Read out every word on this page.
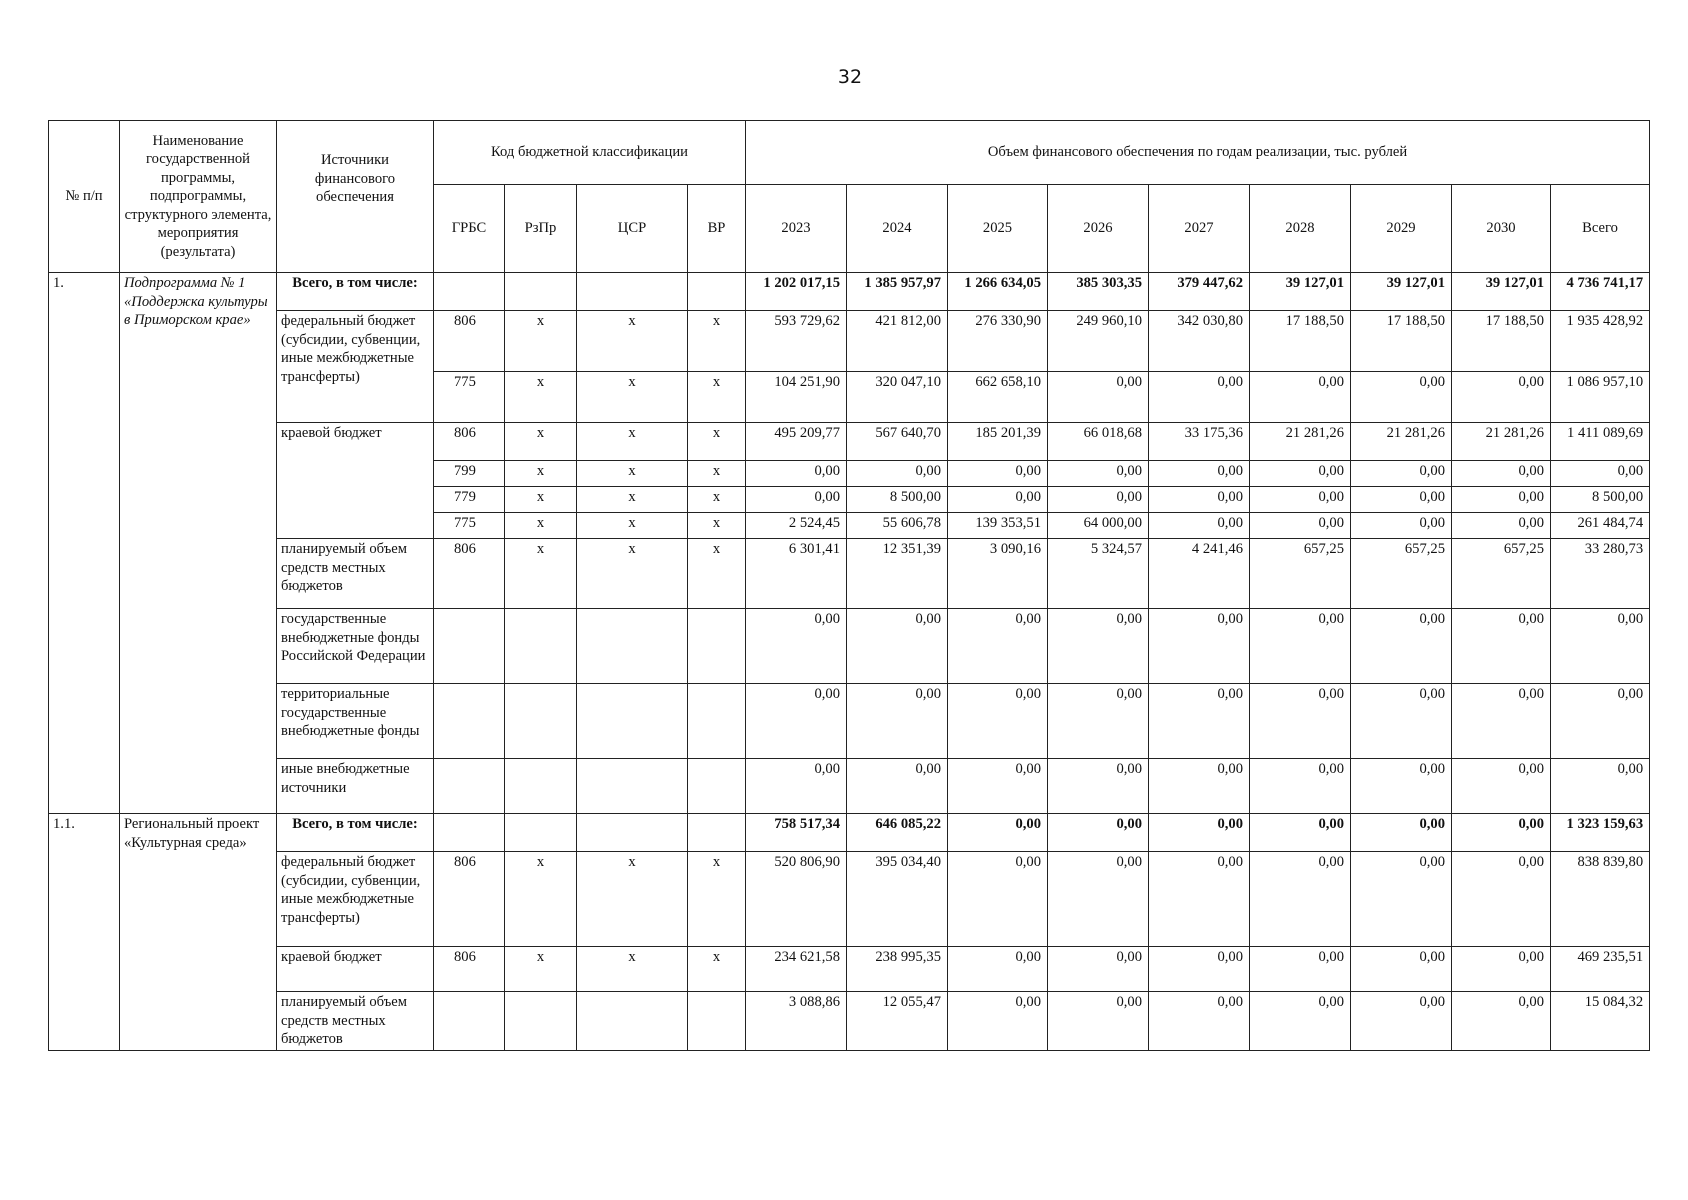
32
№ п/п	Наименование государственной программы, подпрограммы, структурного элемента, мероприятия (результата)	Источники финансового обеспечения	Код бюджетной классификации				Объем финансового обеспечения по годам реализации, тыс. рублей								
			ГРБС	РзПр	ЦСР	ВР	2023	2024	2025	2026	2027	2028	2029	2030	Всего
1.	Подпрограмма № 1 «Поддержка культуры в Приморском крае»	Всего, в том числе:					1 202 017,15	1 385 957,97	1 266 634,05	385 303,35	379 447,62	39 127,01	39 127,01	39 127,01	4 736 741,17
		федеральный бюджет (субсидии, субвенции, иные межбюджетные трансферты)	806	x	x	x	593 729,62	421 812,00	276 330,90	249 960,10	342 030,80	17 188,50	17 188,50	17 188,50	1 935 428,92
			775	x	x	x	104 251,90	320 047,10	662 658,10	0,00	0,00	0,00	0,00	0,00	1 086 957,10
		краевой бюджет	806	x	x	x	495 209,77	567 640,70	185 201,39	66 018,68	33 175,36	21 281,26	21 281,26	21 281,26	1 411 089,69
			799	x	x	x	0,00	0,00	0,00	0,00	0,00	0,00	0,00	0,00	0,00
			779	x	x	x	0,00	8 500,00	0,00	0,00	0,00	0,00	0,00	0,00	8 500,00
			775	x	x	x	2 524,45	55 606,78	139 353,51	64 000,00	0,00	0,00	0,00	0,00	261 484,74
		планируемый объем средств местных бюджетов	806	x	x	x	6 301,41	12 351,39	3 090,16	5 324,57	4 241,46	657,25	657,25	657,25	33 280,73
		государственные внебюджетные фонды Российской Федерации					0,00	0,00	0,00	0,00	0,00	0,00	0,00	0,00	0,00
		территориальные государственные внебюджетные фонды					0,00	0,00	0,00	0,00	0,00	0,00	0,00	0,00	0,00
		иные внебюджетные источники					0,00	0,00	0,00	0,00	0,00	0,00	0,00	0,00	0,00
1.1.	Региональный проект «Культурная среда»	Всего, в том числе:					758 517,34	646 085,22	0,00	0,00	0,00	0,00	0,00	0,00	1 323 159,63
		федеральный бюджет (субсидии, субвенции, иные межбюджетные трансферты)	806	x	x	x	520 806,90	395 034,40	0,00	0,00	0,00	0,00	0,00	0,00	838 839,80
		краевой бюджет	806	x	x	x	234 621,58	238 995,35	0,00	0,00	0,00	0,00	0,00	0,00	469 235,51
		планируемый объем средств местных бюджетов					3 088,86	12 055,47	0,00	0,00	0,00	0,00	0,00	0,00	15 084,32
